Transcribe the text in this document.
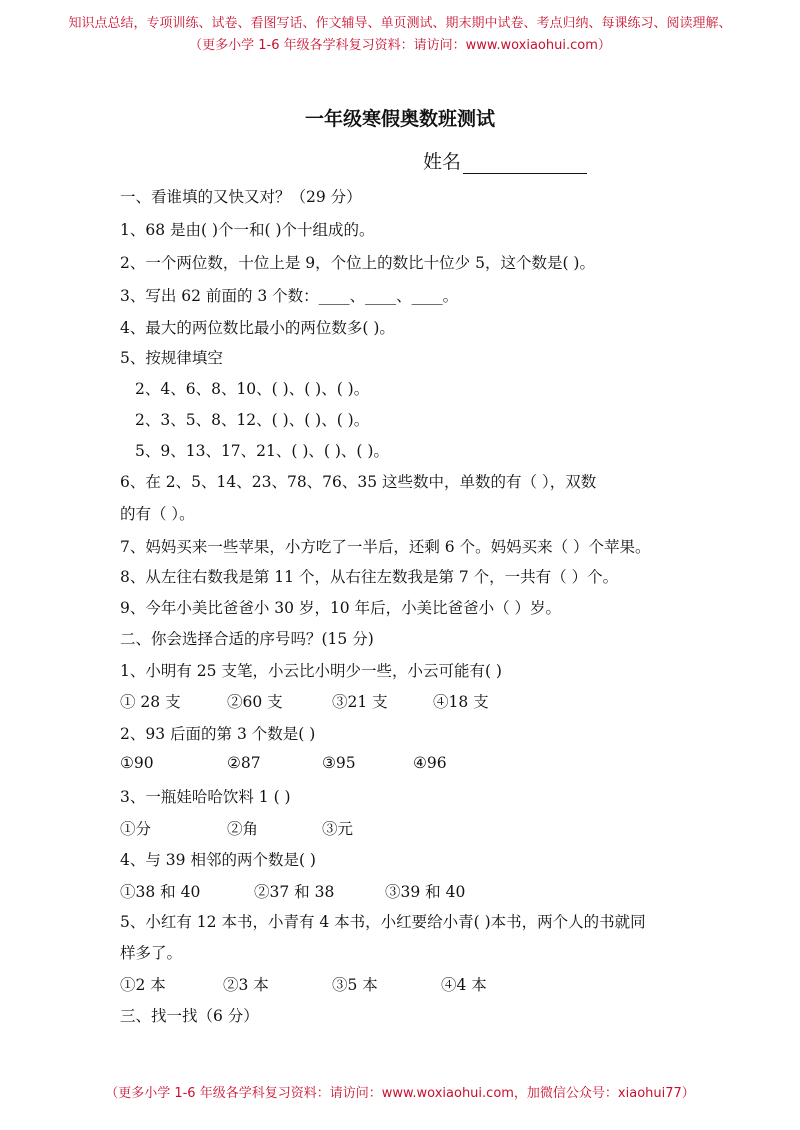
知识点总结，专项训练、试卷、看图写话、作文辅导、单页测试、期末期中试卷、考点归纳、每课练习、阅读理解、
（更多小学 1-6 年级各学科复习资料：请访问：www.woxiaohui.com）
一年级寒假奥数班测试
姓名
一、看谁填的又快又对？（29 分）
1、68 是由( )个一和( )个十组成的。
2、一个两位数，十位上是 9，个位上的数比十位少 5，这个数是( )。
3、写出 62 前面的 3 个数：____、____、____。
4、最大的两位数比最小的两位数多( )。
5、按规律填空
2、4、6、8、10、( )、( )、( )。
2、3、5、8、12、( )、( )、( )。
5、9、13、17、21、( )、( )、( )。
6、在 2、5、14、23、78、76、35 这些数中，单数的有（ ），双数
的有（ ）。
7、妈妈买来一些苹果，小方吃了一半后，还剩 6 个。妈妈买来（ ）个苹果。
8、从左往右数我是第 11 个，从右往左数我是第 7 个，一共有（ ）个。
9、今年小美比爸爸小 30 岁，10 年后，小美比爸爸小（ ）岁。
二、你会选择合适的序号吗？(15 分)
1、小明有 25 支笔，小云比小明少一些，小云可能有( )
① 28 支	②60 支	③21 支	④18 支
2、93 后面的第 3 个数是( )
①90	②87	③95	④96
3、一瓶娃哈哈饮料 1 ( )
①分	②角	③元
4、与 39 相邻的两个数是( )
①38 和 40	②37 和 38	③39 和 40
5、小红有 12 本书，小青有 4 本书，小红要给小青( )本书，两个人的书就同
样多了。
①2 本	②3 本	③5 本	④4 本
三、找一找（6 分）
（更多小学 1-6 年级各学科复习资料：请访问：www.woxiaohui.com，加微信公众号：xiaohui77）
